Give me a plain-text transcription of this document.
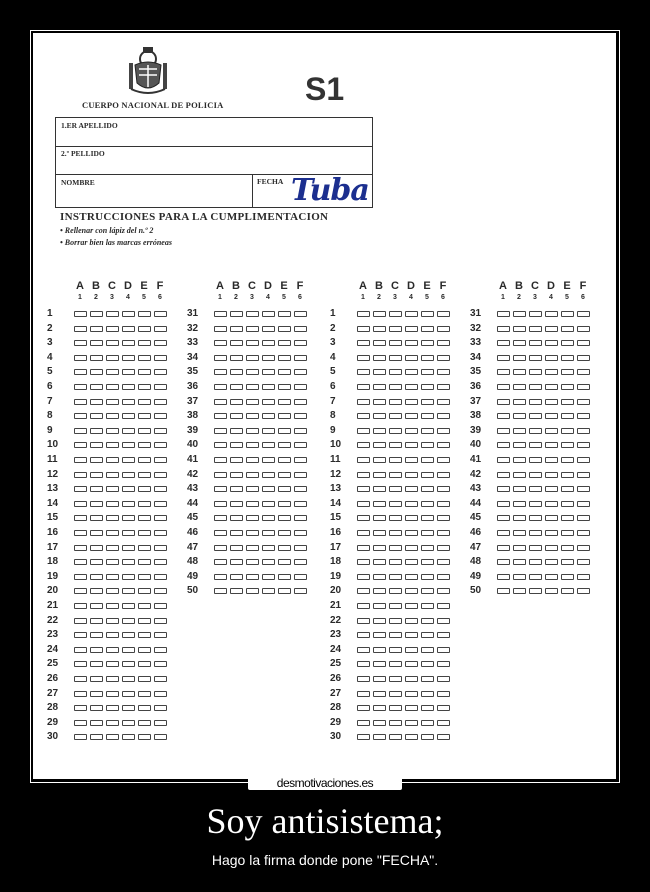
CUERPO NACIONAL DE POLICIA	S1
1.ER APELLIDO
2.º PELLIDO
NOMBRE	FECHA Tuba
INSTRUCCIONES PARA LA CUMPLIMENTACION
• Rellenar con lápiz del n.º 2
• Borrar bien las marcas erróneas
A B C D E F
1	2	3	4	5	6
1
2
3
4
5
6
7
8
9
10
11
12
13
14
15
16
17
18
19
20
21
22
23
24
25
26
27
28
29
30
A B C D E F
1	2	3	4	5	6
31
32
33
34
35
36
37
38
39
40
41
42
43
44
45
46
47
48
49
50
A B C D E F
1	2	3	4	5	6
1
2
3
4
5
6
7
8
9
10
11
12
13
14
15
16
17
18
19
20
21
22
23
24
25
26
27
28
29
30
A B C D E F
1	2	3	4	5	6
31
32
33
34
35
36
37
38
39
40
41
42
43
44
45
46
47
48
49
50
desmotivaciones.es
Soy antisistema;
Hago la firma donde pone "FECHA".
